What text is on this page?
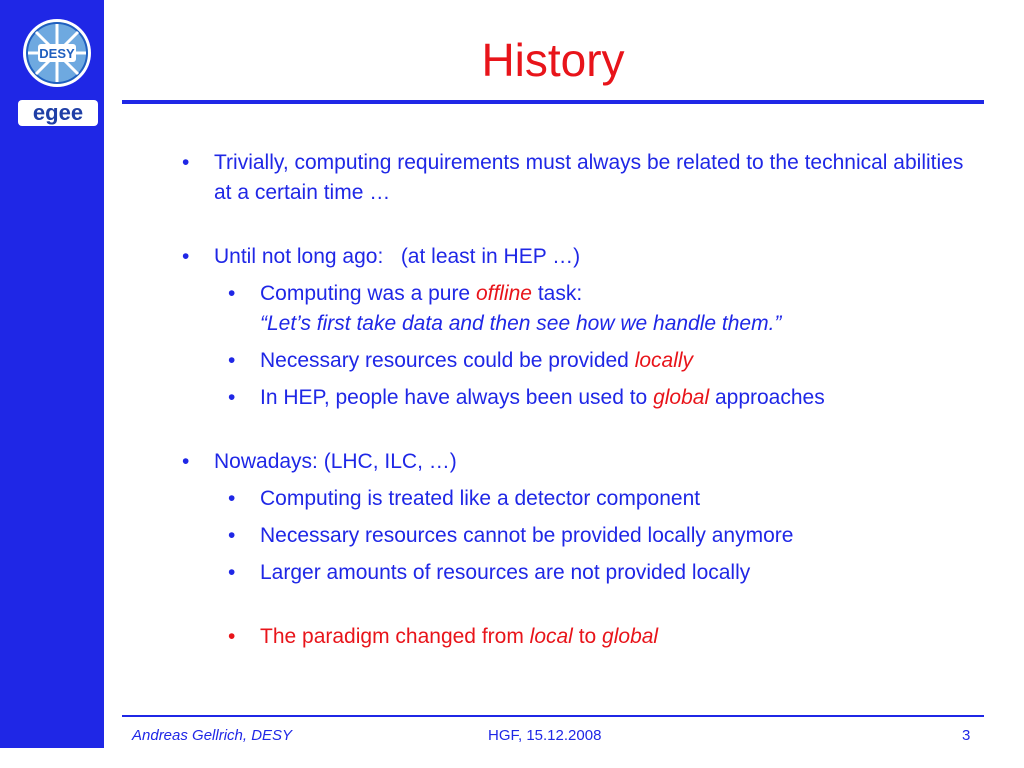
DESY
egee
History
• Trivially, computing requirements must always be related to the technical abilities at a certain time …
• Until not long ago: (at least in HEP …)
• Computing was a pure offline task:
“Let’s first take data and then see how we handle them.”
• Necessary resources could be provided locally
• In HEP, people have always been used to global approaches
• Nowadays: (LHC, ILC, …)
• Computing is treated like a detector component
• Necessary resources cannot be provided locally anymore
• Larger amounts of resources are not provided locally
• The paradigm changed from local to global
Andreas Gellrich, DESY	HGF, 15.12.2008	3
